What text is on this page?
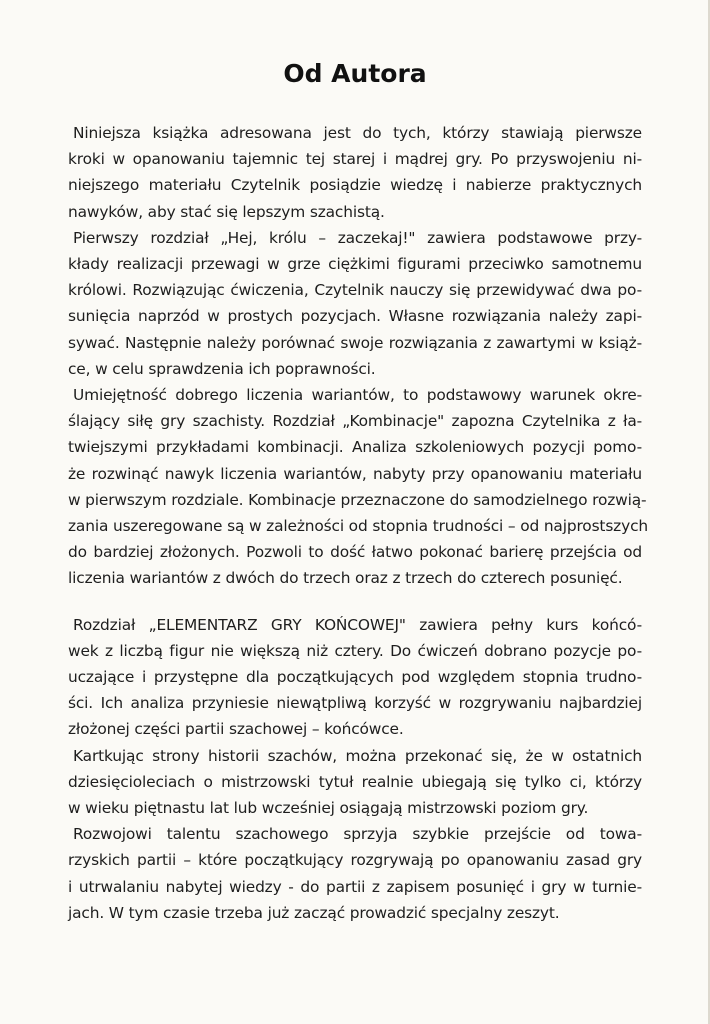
Od Autora
Niniejsza książka adresowana jest do tych, którzy stawiają pierwsze
kroki w opanowaniu tajemnic tej starej i mądrej gry. Po przyswojeniu ni-
niejszego materiału Czytelnik posiądzie wiedzę i nabierze praktycznych
nawyków, aby stać się lepszym szachistą.
Pierwszy rozdział „Hej, królu – zaczekaj!" zawiera podstawowe przy-
kłady realizacji przewagi w grze ciężkimi figurami przeciwko samotnemu
królowi. Rozwiązując ćwiczenia, Czytelnik nauczy się przewidywać dwa po-
sunięcia naprzód w prostych pozycjach. Własne rozwiązania należy zapi-
sywać. Następnie należy porównać swoje rozwiązania z zawartymi w książ-
ce, w celu sprawdzenia ich poprawności.
Umiejętność dobrego liczenia wariantów, to podstawowy warunek okre-
ślający siłę gry szachisty. Rozdział „Kombinacje" zapozna Czytelnika z ła-
twiejszymi przykładami kombinacji. Analiza szkoleniowych pozycji pomo-
że rozwinąć nawyk liczenia wariantów, nabyty przy opanowaniu materiału
w pierwszym rozdziale. Kombinacje przeznaczone do samodzielnego rozwią-
zania uszeregowane są w zależności od stopnia trudności – od najprostszych
do bardziej złożonych. Pozwoli to dość łatwo pokonać barierę przejścia od
liczenia wariantów z dwóch do trzech oraz z trzech do czterech posunięć.
Rozdział „ELEMENTARZ GRY KOŃCOWEJ" zawiera pełny kurs końcó-
wek z liczbą figur nie większą niż cztery. Do ćwiczeń dobrano pozycje po-
uczające i przystępne dla początkujących pod względem stopnia trudno-
ści. Ich analiza przyniesie niewątpliwą korzyść w rozgrywaniu najbardziej
złożonej części partii szachowej – końcówce.
Kartkując strony historii szachów, można przekonać się, że w ostatnich
dziesięcioleciach o mistrzowski tytuł realnie ubiegają się tylko ci, którzy
w wieku piętnastu lat lub wcześniej osiągają mistrzowski poziom gry.
Rozwojowi talentu szachowego sprzyja szybkie przejście od towa-
rzyskich partii – które początkujący rozgrywają po opanowaniu zasad gry
i utrwalaniu nabytej wiedzy - do partii z zapisem posunięć i gry w turnie-
jach. W tym czasie trzeba już zacząć prowadzić specjalny zeszyt.
